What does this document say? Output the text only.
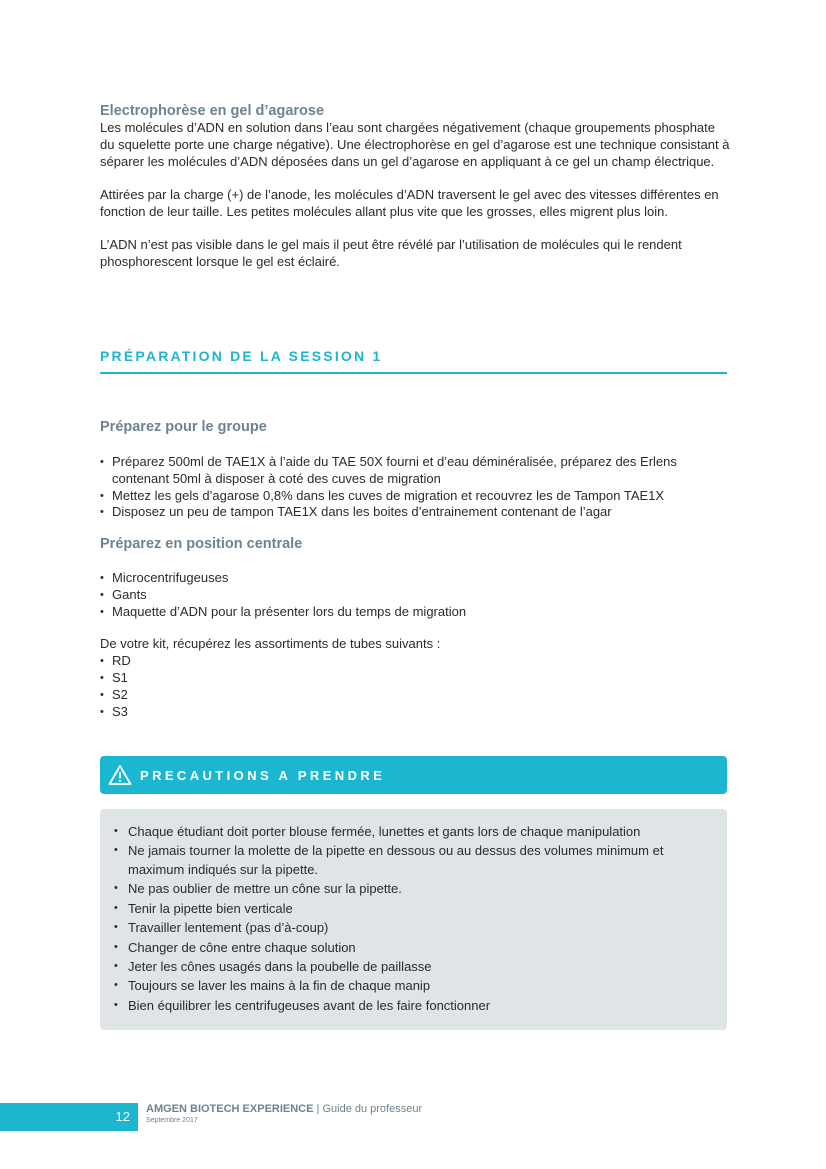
Electrophorèse en gel d’agarose

Les molécules d’ADN en solution dans l’eau sont chargées négativement (chaque groupements phosphate du squelette porte une charge négative). Une électrophorèse en gel d’agarose est une technique consistant à séparer les molécules d’ADN déposées dans un gel d’agarose en appliquant à ce gel un champ électrique.

Attirées par la charge (+) de l’anode, les molécules d’ADN traversent le gel avec des vitesses différentes en fonction de leur taille. Les petites molécules allant plus vite que les grosses, elles migrent plus loin.

L’ADN n’est pas visible dans le gel mais il peut être révélé par l’utilisation de molécules qui le rendent phosphorescent lorsque le gel est éclairé.

PRÉPARATION DE LA SESSION 1
Préparez pour le groupe
• Préparez 500ml de TAE1X à l’aide du TAE 50X fourni et d’eau déminéralisée, préparez des Erlens contenant 50ml à disposer à coté des cuves de migration
• Mettez les gels d’agarose 0,8% dans les cuves de migration et recouvrez les de Tampon TAE1X
• Disposez un peu de tampon TAE1X dans les boites d’entrainement contenant de l’agar
Préparez en position centrale
• Microcentrifugeuses
• Gants
• Maquette d’ADN pour la présenter lors du temps de migration

De votre kit, récupérez les assortiments de tubes suivants :

• RD
• S1
• S2
• S3
PRECAUTIONS A PRENDRE
• Chaque étudiant doit porter blouse fermée, lunettes et gants lors de chaque manipulation
• Ne jamais tourner la molette de la pipette en dessous ou au dessus des volumes minimum et maximum indiqués sur la pipette.
• Ne pas oublier de mettre un cône sur la pipette.
• Tenir la pipette bien verticale
• Travailler lentement (pas d’à-coup)
• Changer de cône entre chaque solution
• Jeter les cônes usagés dans la poubelle de paillasse
• Toujours se laver les mains à la fin de chaque manip
• Bien équilibrer les centrifugeuses avant de les faire fonctionner
12 AMGEN BIOTECH EXPERIENCE | Guide du professeur
Septembre 2017
